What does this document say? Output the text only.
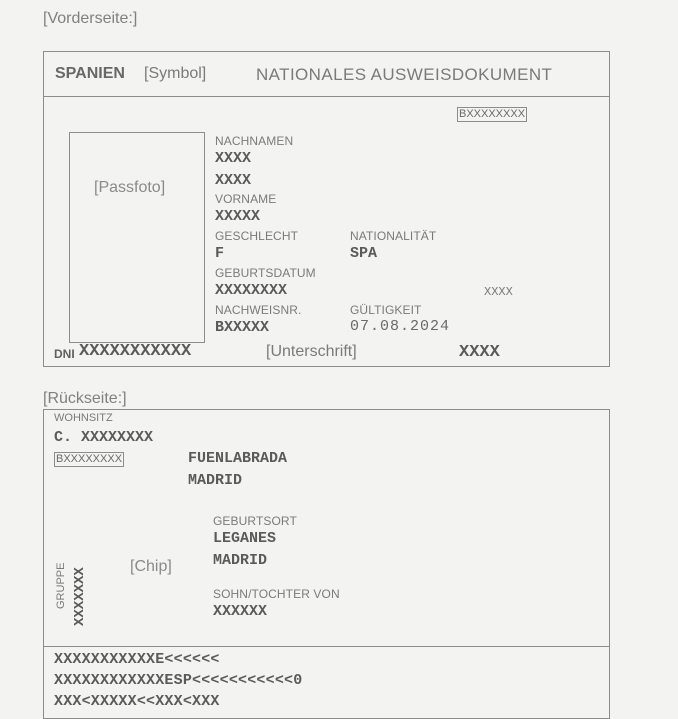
[Vorderseite:]
SPANIEN [Symbol]	NATIONALES AUSWEISDOKUMENT
BXXXXXXXX
[Passfoto]
NACHNAMEN
XXXX
XXXX
VORNAME
XXXXX
GESCHLECHT
F
NATIONALITÄT
SPA
GEBURTSDATUM
XXXXXXXX	XXXX
NACHWEISNR.
BXXXXX
GÜLTIGKEIT
07.08.2024
DNI XXXXXXXXXXX	[Unterschrift]	XXXX
[Rückseite:]
WOHNSITZ
C. XXXXXXXX
BXXXXXXXX	FUENLABRADA
MADRID
GEBURTSORT
LEGANES
MADRID
[Chip]
GRUPPE XXXXXXX	SOHN/TOCHTER VON
XXXXXX
XXXXXXXXXXXE<<<<<<
XXXXXXXXXXXXESP<<<<<<<<<<<0
XXX<XXXXX<<XXX<XXX
